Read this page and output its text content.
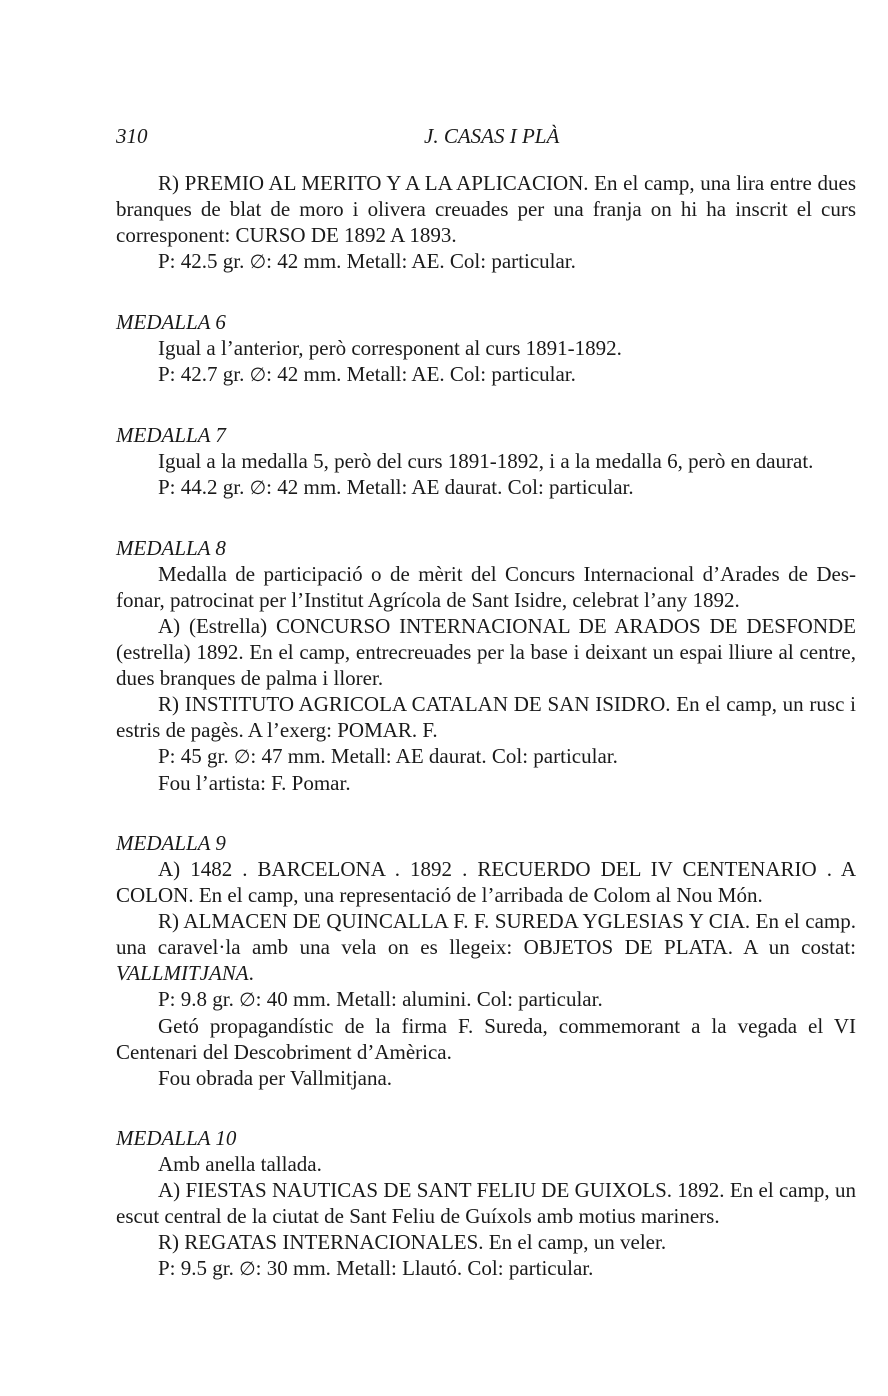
310	J. CASAS I PLÀ

R) PREMIO AL MERITO Y A LA APLICACION. En el camp, una lira entre dues branques de blat de moro i olivera creuades per una franja on hi ha inscrit el curs corresponent: CURSO DE 1892 A 1893.

P: 42.5 gr. ∅: 42 mm. Metall: AE. Col: particular.

MEDALLA 6

Igual a l’anterior, però corresponent al curs 1891-1892.

P: 42.7 gr. ∅: 42 mm. Metall: AE. Col: particular.

MEDALLA 7

Igual a la medalla 5, però del curs 1891-1892, i a la medalla 6, però en daurat.

P: 44.2 gr. ∅: 42 mm. Metall: AE daurat. Col: particular.

MEDALLA 8

Medalla de participació o de mèrit del Concurs Internacional d’Arades de Desfonar, patrocinat per l’Institut Agrícola de Sant Isidre, celebrat l’any 1892.

A) (Estrella) CONCURSO INTERNACIONAL DE ARADOS DE DESFONDE (estrella) 1892. En el camp, entrecreuades per la base i deixant un espai lliure al centre, dues branques de palma i llorer.

R) INSTITUTO AGRICOLA CATALAN DE SAN ISIDRO. En el camp, un rusc i estris de pagès. A l’exerg: POMAR. F.

P: 45 gr. ∅: 47 mm. Metall: AE daurat. Col: particular.

Fou l’artista: F. Pomar.

MEDALLA 9

A) 1482 . BARCELONA . 1892 . RECUERDO DEL IV CENTENARIO . A COLON. En el camp, una representació de l’arribada de Colom al Nou Món.

R) ALMACEN DE QUINCALLA F. F. SUREDA YGLESIAS Y CIA. En el camp. una caravel·la amb una vela on es llegeix: OBJETOS DE PLATA. A un costat: VALLMITJANA.

P: 9.8 gr. ∅: 40 mm. Metall: alumini. Col: particular.

Getó propagandístic de la firma F. Sureda, commemorant a la vegada el VI Centenari del Descobriment d’Amèrica.

Fou obrada per Vallmitjana.

MEDALLA 10

Amb anella tallada.

A) FIESTAS NAUTICAS DE SANT FELIU DE GUIXOLS. 1892. En el camp, un escut central de la ciutat de Sant Feliu de Guíxols amb motius mariners.

R) REGATAS INTERNACIONALES. En el camp, un veler.

P: 9.5 gr. ∅: 30 mm. Metall: Llautó. Col: particular.
